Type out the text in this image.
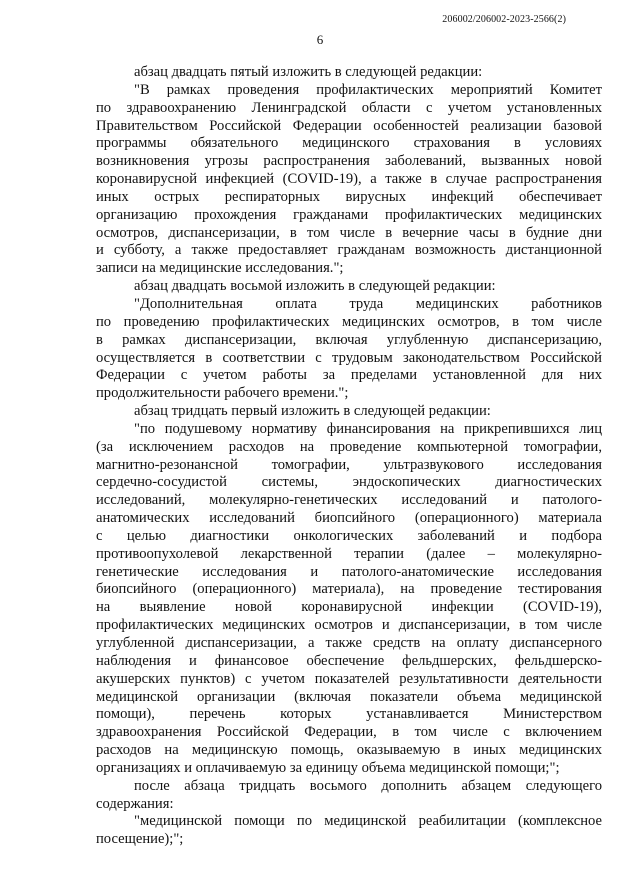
206002/206002-2023-2566(2)
6

абзац двадцать пятый изложить в следующей редакции:

"В рамках проведения профилактических мероприятий Комитет
по здравоохранению Ленинградской области с учетом установленных
Правительством Российской Федерации особенностей реализации базовой
программы обязательного медицинского страхования в условиях
возникновения угрозы распространения заболеваний, вызванных новой
коронавирусной инфекцией (COVID-19), а также в случае распространения
иных острых респираторных вирусных инфекций обеспечивает
организацию прохождения гражданами профилактических медицинских
осмотров, диспансеризации, в том числе в вечерние часы в будние дни
и субботу, а также предоставляет гражданам возможность дистанционной
записи на медицинские исследования.";

абзац двадцать восьмой изложить в следующей редакции:

"Дополнительная оплата труда медицинских работников
по проведению профилактических медицинских осмотров, в том числе
в рамках диспансеризации, включая углубленную диспансеризацию,
осуществляется в соответствии с трудовым законодательством Российской
Федерации с учетом работы за пределами установленной для них
продолжительности рабочего времени.";

абзац тридцать первый изложить в следующей редакции:

"по подушевому нормативу финансирования на прикрепившихся лиц
(за исключением расходов на проведение компьютерной томографии,
магнитно-резонансной томографии, ультразвукового исследования
сердечно-сосудистой системы, эндоскопических диагностических
исследований, молекулярно-генетических исследований и патолого-
анатомических исследований биопсийного (операционного) материала
с целью диагностики онкологических заболеваний и подбора
противоопухолевой лекарственной терапии (далее – молекулярно-
генетические исследования и патолого-анатомические исследования
биопсийного (операционного) материала), на проведение тестирования
на выявление новой коронавирусной инфекции (COVID-19),
профилактических медицинских осмотров и диспансеризации, в том числе
углубленной диспансеризации, а также средств на оплату диспансерного
наблюдения и финансовое обеспечение фельдшерских, фельдшерско-
акушерских пунктов) с учетом показателей результативности деятельности
медицинской организации (включая показатели объема медицинской
помощи), перечень которых устанавливается Министерством
здравоохранения Российской Федерации, в том числе с включением
расходов на медицинскую помощь, оказываемую в иных медицинских
организациях и оплачиваемую за единицу объема медицинской помощи;";

после абзаца тридцать восьмого дополнить абзацем следующего
содержания:

"медицинской помощи по медицинской реабилитации (комплексное
посещение);";
